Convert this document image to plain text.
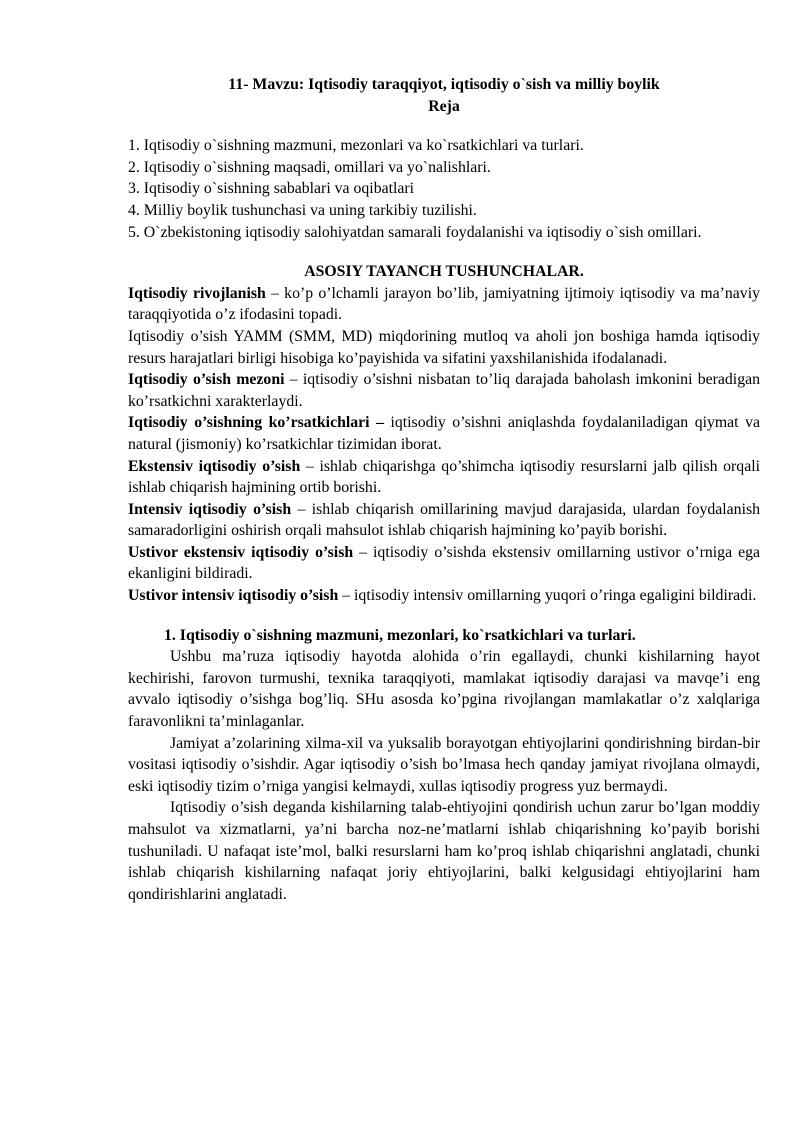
11- Mavzu: Iqtisodiy taraqqiyot, iqtisodiy o`sish va milliy boylik
Reja
1. Iqtisodiy o`sishning mazmuni, mezonlari va ko`rsatkichlari va turlari.
2. Iqtisodiy o`sishning maqsadi, omillari va yo`nalishlari.
3. Iqtisodiy o`sishning sabablari va oqibatlari
4. Milliy boylik tushunchasi va uning tarkibiy tuzilishi.
5. O`zbekistoning iqtisodiy salohiyatdan samarali foydalanishi va iqtisodiy o`sish omillari.
ASOSIY TAYANCH TUSHUNCHALAR.

Iqtisodiy rivojlanish – ko’p o’lchamli jarayon bo’lib, jamiyatning ijtimoiy iqtisodiy va ma’naviy taraqqiyotida o’z ifodasini topadi.

Iqtisodiy o’sish YAMM (SMM, MD) miqdorining mutloq va aholi jon boshiga hamda iqtisodiy resurs harajatlari birligi hisobiga ko’payishida va sifatini yaxshilanishida ifodalanadi.

Iqtisodiy o’sish mezoni – iqtisodiy o’sishni nisbatan to’liq darajada baholash imkonini beradigan ko’rsatkichni xarakterlaydi.

Iqtisodiy o’sishning ko’rsatkichlari – iqtisodiy o’sishni aniqlashda foydalaniladigan qiymat va natural (jismoniy) ko’rsatkichlar tizimidan iborat.

Ekstensiv iqtisodiy o’sish – ishlab chiqarishga qo’shimcha iqtisodiy resurslarni jalb qilish orqali ishlab chiqarish hajmining ortib borishi.

Intensiv iqtisodiy o’sish – ishlab chiqarish omillarining mavjud darajasida, ulardan foydalanish samaradorligini oshirish orqali mahsulot ishlab chiqarish hajmining ko’payib borishi.

Ustivor ekstensiv iqtisodiy o’sish – iqtisodiy o’sishda ekstensiv omillarning ustivor o’rniga ega ekanligini bildiradi.

Ustivor intensiv iqtisodiy o’sish – iqtisodiy intensiv omillarning yuqori o’ringa egaligini bildiradi.

1. Iqtisodiy o`sishning mazmuni, mezonlari, ko`rsatkichlari va turlari.

Ushbu ma’ruza iqtisodiy hayotda alohida o’rin egallaydi, chunki kishilarning hayot kechirishi, farovon turmushi, texnika taraqqiyoti, mamlakat iqtisodiy darajasi va mavqe’i eng avvalo iqtisodiy o’sishga bog’liq. SHu asosda ko’pgina rivojlangan mamlakatlar o’z xalqlariga faravonlikni ta’minlaganlar.

Jamiyat a’zolarining xilma-xil va yuksalib borayotgan ehtiyojlarini qondirishning birdan-bir vositasi iqtisodiy o’sishdir. Agar iqtisodiy o’sish bo’lmasa hech qanday jamiyat rivojlana olmaydi, eski iqtisodiy tizim o’rniga yangisi kelmaydi, xullas iqtisodiy progress yuz bermaydi.

Iqtisodiy o’sish deganda kishilarning talab-ehtiyojini qondirish uchun zarur bo’lgan moddiy mahsulot va xizmatlarni, ya’ni barcha noz-ne’matlarni ishlab chiqarishning ko’payib borishi tushuniladi. U nafaqat iste’mol, balki resurslarni ham ko’proq ishlab chiqarishni anglatadi, chunki ishlab chiqarish kishilarning nafaqat joriy ehtiyojlarini, balki kelgusidagi ehtiyojlarini ham qondirishlarini anglatadi.
